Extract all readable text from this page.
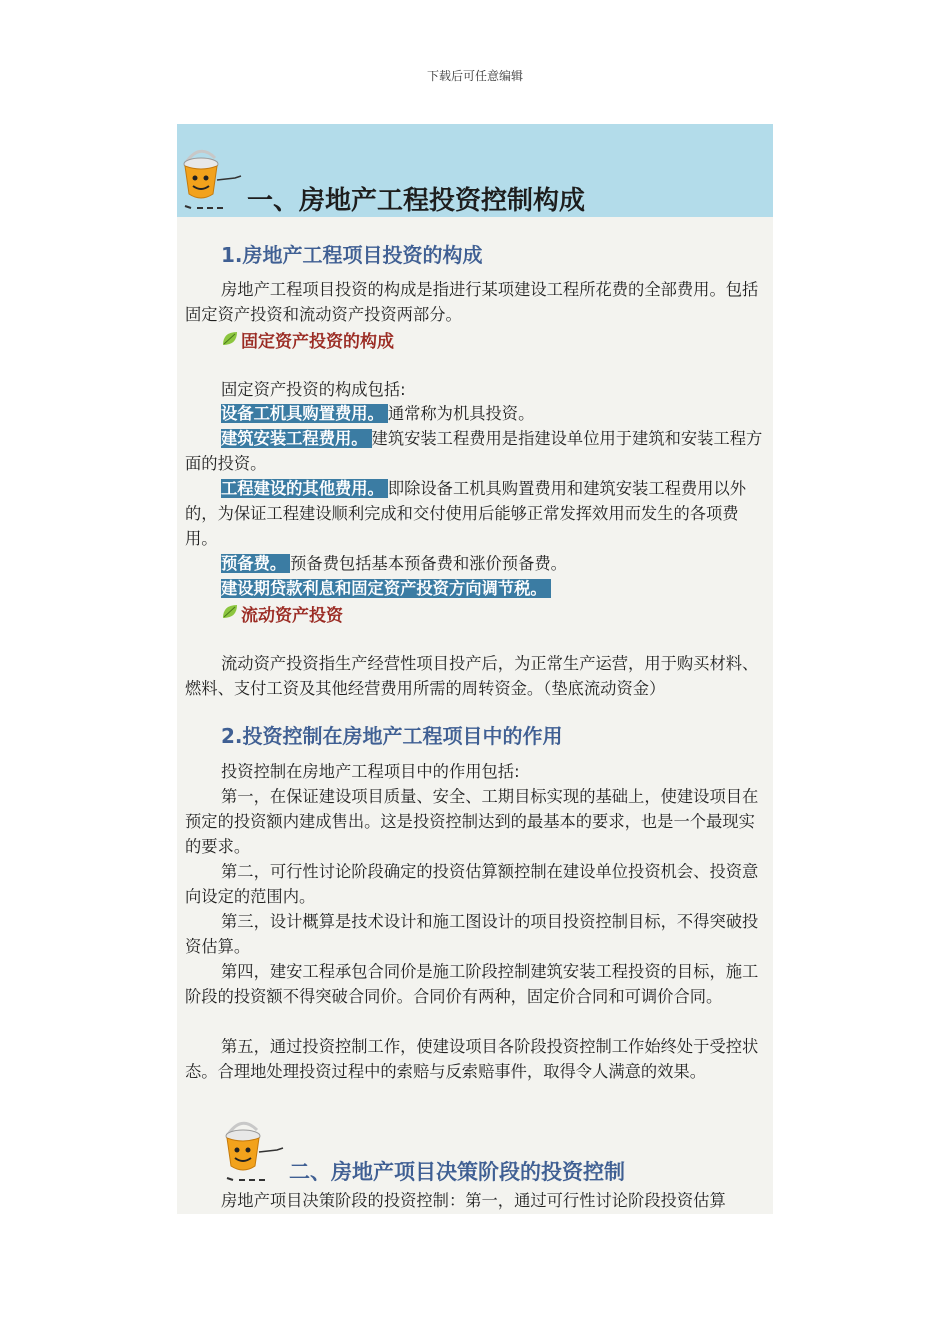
下载后可任意编辑
一、房地产工程投资控制构成
1.房地产工程项目投资的构成

房地产工程项目投资的构成是指进行某项建设工程所花费的全部费用。包括固定资产投资和流动资产投资两部分。

固定资产投资的构成
固定资产投资的构成包括:
设备工机具购置费用。 通常称为机具投资。

建筑安装工程费用。 建筑安装工程费用是指建设单位用于建筑和安装工程方面的投资。

工程建设的其他费用。 即除设备工机具购置费用和建筑安装工程费用以外的，为保证工程建设顺利完成和交付使用后能够正常发挥效用而发生的各项费用。

预备费。 预备费包括基本预备费和涨价预备费。
建设期贷款利息和固定资产投资方向调节税。
流动资产投资

流动资产投资指生产经营性项目投产后，为正常生产运营，用于购买材料、燃料、支付工资及其他经营费用所需的周转资金。（垫底流动资金）

2.投资控制在房地产工程项目中的作用
投资控制在房地产工程项目中的作用包括:

第一，在保证建设项目质量、安全、工期目标实现的基础上，使建设项目在预定的投资额内建成售出。这是投资控制达到的最基本的要求，也是一个最现实的要求。

第二，可行性讨论阶段确定的投资估算额控制在建设单位投资机会、投资意向设定的范围内。

第三，设计概算是技术设计和施工图设计的项目投资控制目标，不得突破投资估算。

第四，建安工程承包合同价是施工阶段控制建筑安装工程投资的目标，施工阶段的投资额不得突破合同价。合同价有两种，固定价合同和可调价合同。

第五，通过投资控制工作，使建设项目各阶段投资控制工作始终处于受控状态。合理地处理投资过程中的索赔与反索赔事件，取得令人满意的效果。

二、房地产项目决策阶段的投资控制
房地产项目决策阶段的投资控制：第一，通过可行性讨论阶段投资估算
